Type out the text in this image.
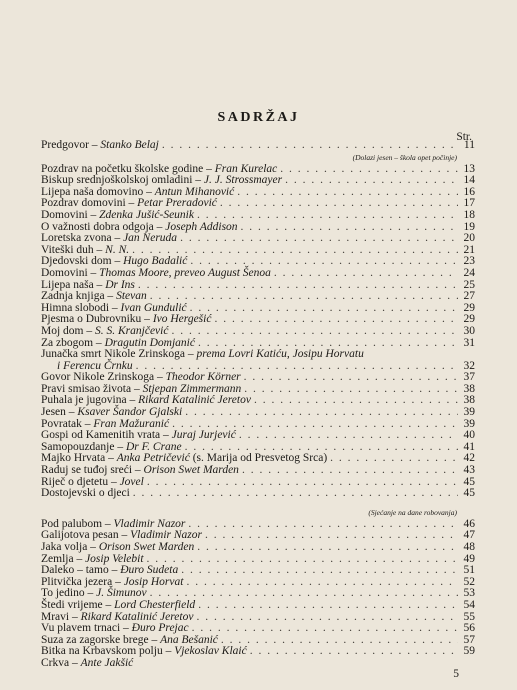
SADRŽAJ
Str.
Predgovor – Stanko Belaj . . .	11
(Dolazi jesen – škola opet počinje)
Pozdrav na početku školske godine – Fran Kurelac . . .	13
Biskup srednjoškolskoj omladini – J. J. Strossmayer . . .	14
Lijepa naša domovino – Antun Mihanović . . .	16
Pozdrav domovini – Petar Preradović . . .	17
Domovini – Zdenka Jušić-Seunik . . .	18
O važnosti dobra odgoja – Joseph Addison . . .	19
Loretska zvona – Jan Neruda . . .	20
Viteški duh – N. N. . . .	21
Djedovski dom – Hugo Badalić . . .	23
Domovini – Thomas Moore, preveo August Šenoa . . .	24
Lijepa naša – Dr Ins . . .	25
Zadnja knjiga – Stevan . . .	27
Himna slobodi – Ivan Gundulić . . .	29
Pjesma o Dubrovniku – Ivo Hergešić . . .	29
Moj dom – S. S. Kranjčević . . .	30
Za zbogom – Dragutin Domjanić . . .	31
Junačka smrt Nikole Zrinskoga – prema Lovri Katiću, Josipu Horvatu
i Ferencu Črnku . . .	32
Govor Nikole Zrinskoga – Theodor Körner . . .	37
Pravi smisao života – Stjepan Zimmermann . . .	38
Puhala je jugovina – Rikard Katalinić Jeretov . . .	38
Jesen – Ksaver Šandor Gjalski . . .	39
Povratak – Fran Mažuranić . . .	39
Gospi od Kamenitih vrata – Juraj Jurjević . . .	40
Samopouzdanje – Dr F. Crane . . .	41
Majko Hrvata – Anka Petričević (s. Marija od Presvetog Srca) . . .	42
Raduj se tuđoj sreći – Orison Swet Marden . . .	43
Riječ o djetetu – Jovel . . .	45
Dostojevski o djeci . . .	45
(Sjećanje na dane robovanja)
Pod palubom – Vladimir Nazor . . .	46
Galijotova pesan – Vladimir Nazor . . .	47
Jaka volja – Orison Swet Marden . . .	48
Zemlja – Josip Velebit . . .	49
Daleko – tamo – Đuro Sudeta . . .	51
Plitvička jezera – Josip Horvat . . .	52
To jedino – J. Šimunov . . .	53
Štedi vrijeme – Lord Chesterfield . . .	54
Mravi – Rikard Katalinić Jeretov . . .	55
Vu plavem trnaci – Đuro Prejac . . .	56
Suza za zagorske brege – Ana Bešanić . . .	57
Bitka na Krbavskom polju – Vjekoslav Klaić . . .	59
Crkva – Ante Jakšić
5
